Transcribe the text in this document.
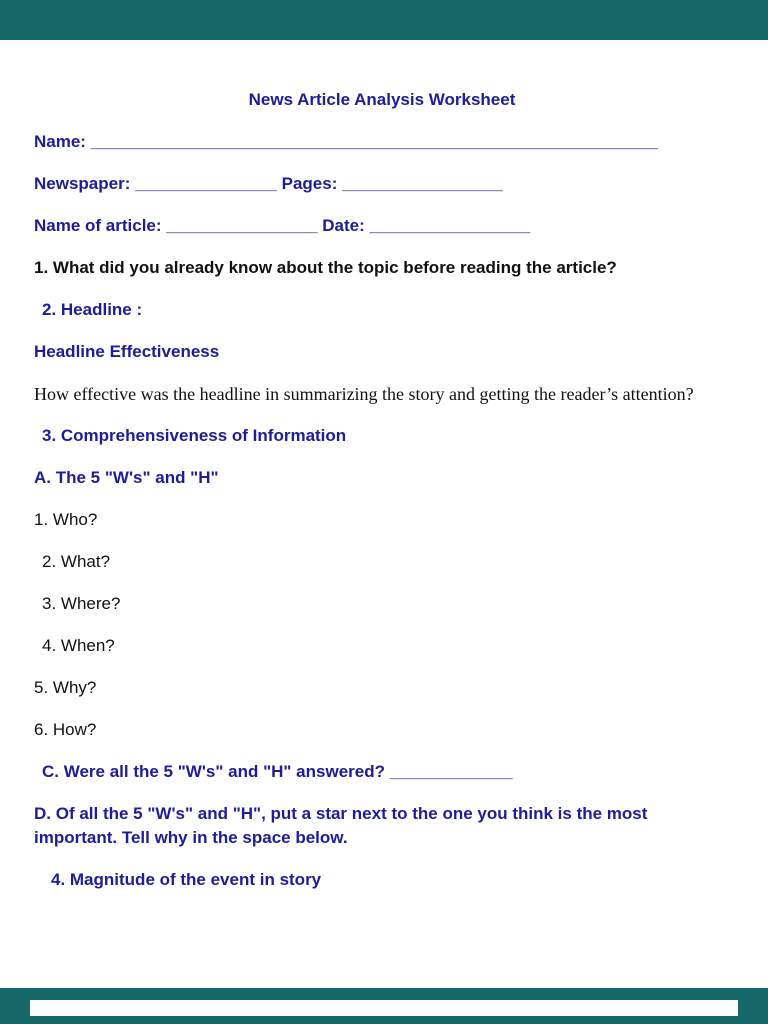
News Article Analysis Worksheet

Name: ____________________________________________________________

Newspaper: _______________ Pages: _________________

Name of article: ________________ Date: _________________

1. What did you already know about the topic before reading the article?

2. Headline :

Headline Effectiveness

How effective was the headline in summarizing the story and getting the reader’s attention?

3. Comprehensiveness of Information

A. The 5 "W's" and "H"

1. Who?

2. What?

3. Where?

4. When?

5. Why?

6. How?

C. Were all the 5 "W's" and "H" answered? _____________

D. Of all the 5 "W's" and "H", put a star next to the one you think is the most important. Tell why in the space below.

4. Magnitude of the event in story
